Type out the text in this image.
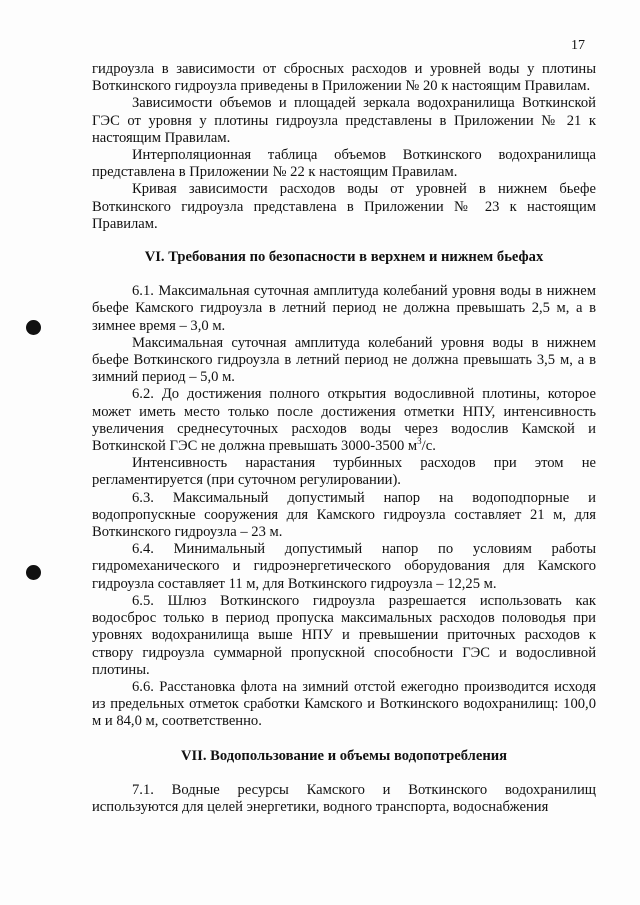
17

гидроузла в зависимости от сбросных расходов и уровней воды у плотины Воткинского гидроузла приведены в Приложении № 20 к настоящим Правилам.

Зависимости объемов и площадей зеркала водохранилища Воткинской ГЭС от уровня у плотины гидроузла представлены в Приложении № 21 к настоящим Правилам.

Интерполяционная таблица объемов Воткинского водохранилища представлена в Приложении № 22 к настоящим Правилам.

Кривая зависимости расходов воды от уровней в нижнем бьефе Воткинского гидроузла представлена в Приложении № 23 к настоящим Правилам.

VI. Требования по безопасности в верхнем и нижнем бьефах

6.1. Максимальная суточная амплитуда колебаний уровня воды в нижнем бьефе Камского гидроузла в летний период не должна превышать 2,5 м, а в зимнее время – 3,0 м.

Максимальная суточная амплитуда колебаний уровня воды в нижнем бьефе Воткинского гидроузла в летний период не должна превышать 3,5 м, а в зимний период – 5,0 м.

6.2. До достижения полного открытия водосливной плотины, которое может иметь место только после достижения отметки НПУ, интенсивность увеличения среднесуточных расходов воды через водослив Камской и Воткинской ГЭС не должна превышать 3000-3500 $м^3/с$.

Интенсивность нарастания турбинных расходов при этом не регламентируется (при суточном регулировании).

6.3. Максимальный допустимый напор на водоподпорные и водопропускные сооружения для Камского гидроузла составляет 21 м, для Воткинского гидроузла – 23 м.

6.4. Минимальный допустимый напор по условиям работы гидромеханического и гидроэнергетического оборудования для Камского гидроузла составляет 11 м, для Воткинского гидроузла – 12,25 м.

6.5. Шлюз Воткинского гидроузла разрешается использовать как водосброс только в период пропуска максимальных расходов половодья при уровнях водохранилища выше НПУ и превышении приточных расходов к створу гидроузла суммарной пропускной способности ГЭС и водосливной плотины.

6.6. Расстановка флота на зимний отстой ежегодно производится исходя из предельных отметок сработки Камского и Воткинского водохранилищ: 100,0 м и 84,0 м, соответственно.

VII. Водопользование и объемы водопотребления

7.1. Водные ресурсы Камского и Воткинского водохранилищ используются для целей энергетики, водного транспорта, водоснабжения
